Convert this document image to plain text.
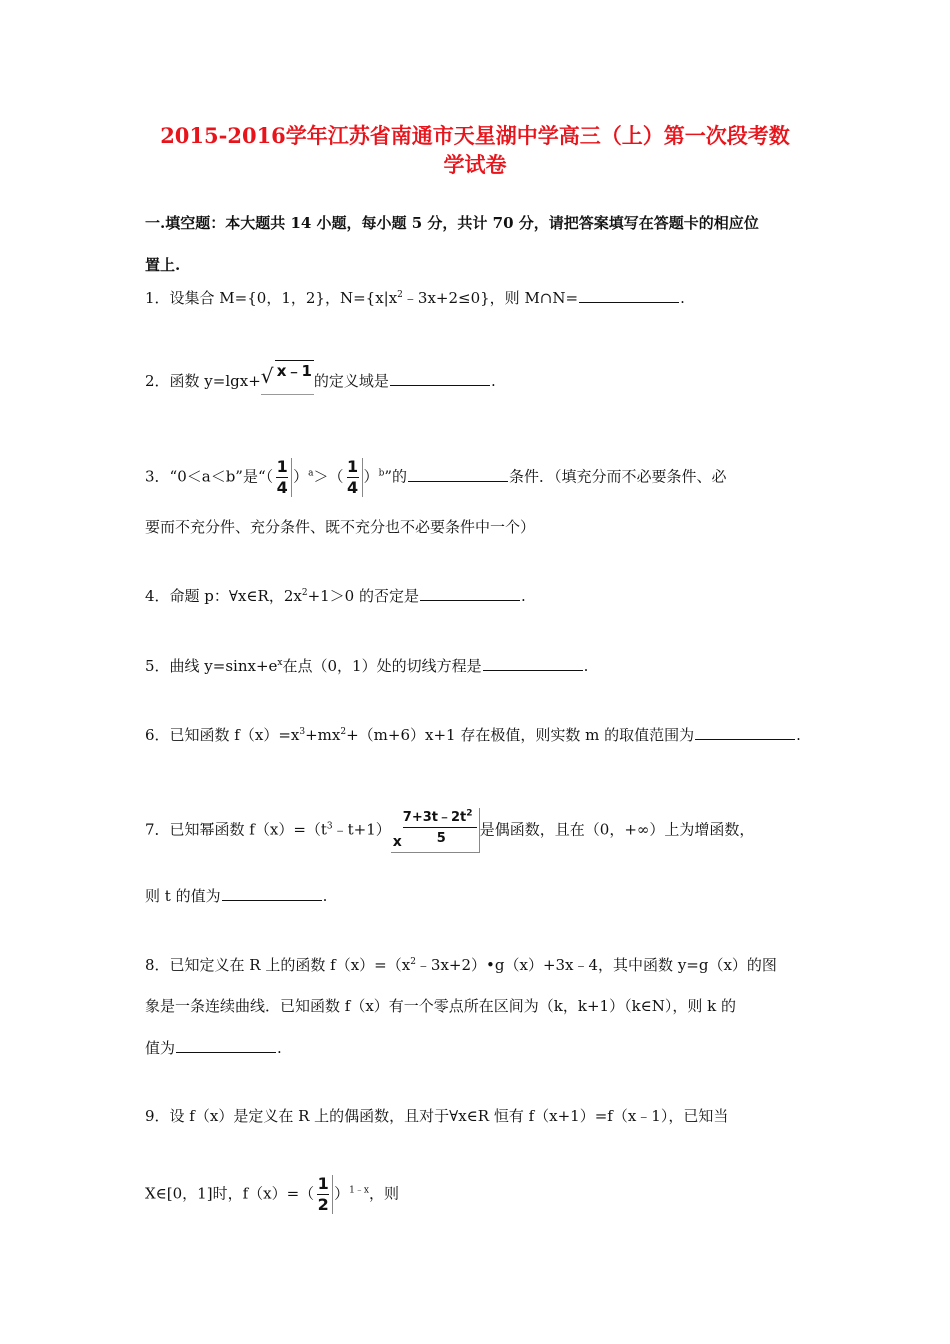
2015-2016学年江苏省南通市天星湖中学高三（上）第一次段考数
学试卷
一.填空题：本大题共 14 小题，每小题 5 分，共计 70 分，请把答案填写在答题卡的相应位
置上.
1．设集合 M={0，1，2}，$N=\{x|x^2﹣3x+2\le 0\}$，则 M∩N=	.
2．函数 y=lgx+ √ x﹣1
的定义域是	.
3．“0＜a＜b”是“（ $\frac{1}{4} )^a>( \frac{1}{4} )^b$”的	条件．（填充分而不必要条件、必
要而不充分件、充分条件、既不充分也不必要条件中一个）
4．命题 p：∀x∈R，$2x^2+1>0$ 的否定是	.
5．曲线 $y=\sin x+e^x$在点（0，1）处的切线方程是	.
6．已知函数 $f(x)=x^3+mx^2+(m+6)x+1$ 存在极值，则实数 m 的取值范围为	.
7．已知幂函数 $f(x)=(t^3﹣t+1)$
$7+3t﹣2t^2$
5
x
是偶函数，且在（0，+∞）上为增函数，
则 t 的值为	.
8．已知定义在 R 上的函数 $f(x)=(x^2﹣3x+2)•g(x)+3x﹣4$，其中函数 y=g（x）的图
象是一条连续曲线．已知函数 f（x）有一个零点所在区间为（k，k+1）（k∈N），则 k 的
值为	.
9．设 f（x）是定义在 R 上的偶函数，且对于∀x∈R 恒有 f（x+1）=f（x﹣1），已知当
X∈[0，1]时，$f(x)=( \frac{1}{2} )^{1﹣x}$，则
